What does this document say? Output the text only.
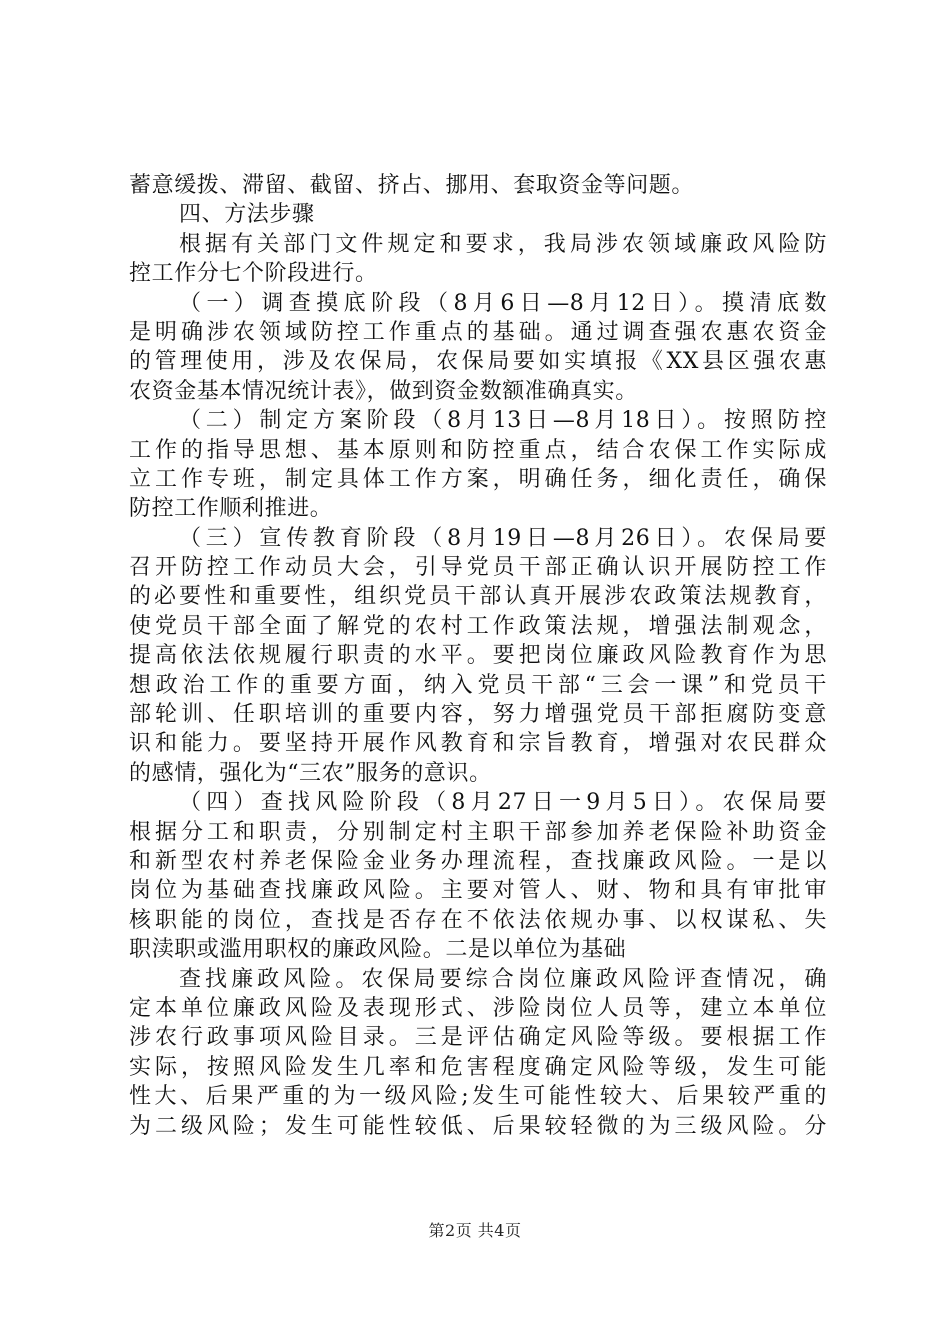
蓄意缓拨、滞留、截留、挤占、挪用、套取资金等问题。
四、方法步骤
根据有关部门文件规定和要求，我局涉农领域廉政风险防
控工作分七个阶段进行。
（一）调查摸底阶段（8月6日—8月12日）。摸清底数
是明确涉农领域防控工作重点的基础。通过调查强农惠农资金
的管理使用，涉及农保局，农保局要如实填报《XX县区强农惠
农资金基本情况统计表》，做到资金数额准确真实。
（二）制定方案阶段（8月13日—8月18日）。按照防控
工作的指导思想、基本原则和防控重点，结合农保工作实际成
立工作专班，制定具体工作方案，明确任务，细化责任，确保
防控工作顺利推进。
（三）宣传教育阶段（8月19日—8月26日）。农保局要
召开防控工作动员大会，引导党员干部正确认识开展防控工作
的必要性和重要性，组织党员干部认真开展涉农政策法规教育，
使党员干部全面了解党的农村工作政策法规，增强法制观念，
提高依法依规履行职责的水平。要把岗位廉政风险教育作为思
想政治工作的重要方面，纳入党员干部“三会一课”和党员干
部轮训、任职培训的重要内容，努力增强党员干部拒腐防变意
识和能力。要坚持开展作风教育和宗旨教育，增强对农民群众
的感情，强化为“三农”服务的意识。
（四）查找风险阶段（8月27日一9月5日）。农保局要
根据分工和职责，分别制定村主职干部参加养老保险补助资金
和新型农村养老保险金业务办理流程，查找廉政风险。一是以
岗位为基础查找廉政风险。主要对管人、财、物和具有审批审
核职能的岗位，查找是否存在不依法依规办事、以权谋私、失
职渎职或滥用职权的廉政风险。二是以单位为基础
查找廉政风险。农保局要综合岗位廉政风险评查情况，确
定本单位廉政风险及表现形式、涉险岗位人员等，建立本单位
涉农行政事项风险目录。三是评估确定风险等级。要根据工作
实际，按照风险发生几率和危害程度确定风险等级，发生可能
性大、后果严重的为一级风险;发生可能性较大、后果较严重的
为二级风险；发生可能性较低、后果较轻微的为三级风险。分
第2页 共4页
